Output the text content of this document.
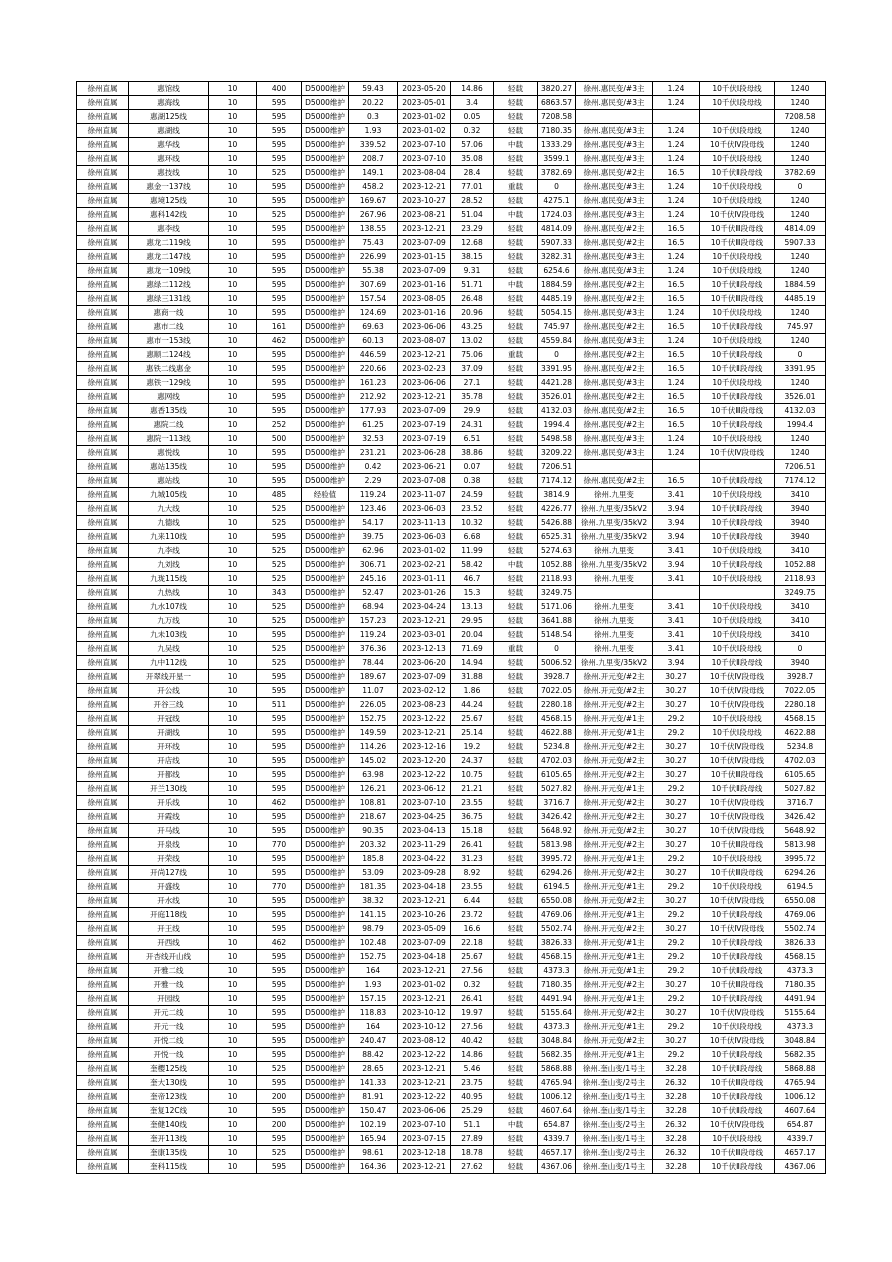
徐州直属	惠馆线	10	400	D5000维护	59.43	2023-05-20	14.86	轻载	3820.27	徐州.惠民变/#3主	1.24	10千伏Ⅰ段母线	1240
徐州直属	惠海线	10	595	D5000维护	20.22	2023-05-01	3.4	轻载	6863.57	徐州.惠民变/#3主	1.24	10千伏Ⅰ段母线	1240
徐州直属	惠湖125线	10	595	D5000维护	0.3	2023-01-02	0.05	轻载	7208.58				7208.58
徐州直属	惠湖线	10	595	D5000维护	1.93	2023-01-02	0.32	轻载	7180.35	徐州.惠民变/#3主	1.24	10千伏Ⅰ段母线	1240
徐州直属	惠华线	10	595	D5000维护	339.52	2023-07-10	57.06	中载	1333.29	徐州.惠民变/#3主	1.24	10千伏Ⅳ段母线	1240
徐州直属	惠环线	10	595	D5000维护	208.7	2023-07-10	35.08	轻载	3599.1	徐州.惠民变/#3主	1.24	10千伏Ⅰ段母线	1240
徐州直属	惠技线	10	525	D5000维护	149.1	2023-08-04	28.4	轻载	3782.69	徐州.惠民变/#2主	16.5	10千伏Ⅱ段母线	3782.69
徐州直属	惠金一137线	10	595	D5000维护	458.2	2023-12-21	77.01	重载	0	徐州.惠民变/#3主	1.24	10千伏Ⅰ段母线	0
徐州直属	惠境125线	10	595	D5000维护	169.67	2023-10-27	28.52	轻载	4275.1	徐州.惠民变/#3主	1.24	10千伏Ⅰ段母线	1240
徐州直属	惠科142线	10	525	D5000维护	267.96	2023-08-21	51.04	中载	1724.03	徐州.惠民变/#3主	1.24	10千伏Ⅳ段母线	1240
徐州直属	惠李线	10	595	D5000维护	138.55	2023-12-21	23.29	轻载	4814.09	徐州.惠民变/#2主	16.5	10千伏Ⅲ段母线	4814.09
徐州直属	惠龙二119线	10	595	D5000维护	75.43	2023-07-09	12.68	轻载	5907.33	徐州.惠民变/#2主	16.5	10千伏Ⅲ段母线	5907.33
徐州直属	惠龙二147线	10	595	D5000维护	226.99	2023-01-15	38.15	轻载	3282.31	徐州.惠民变/#3主	1.24	10千伏Ⅰ段母线	1240
徐州直属	惠龙一109线	10	595	D5000维护	55.38	2023-07-09	9.31	轻载	6254.6	徐州.惠民变/#3主	1.24	10千伏Ⅰ段母线	1240
徐州直属	惠绿二112线	10	595	D5000维护	307.69	2023-01-16	51.71	中载	1884.59	徐州.惠民变/#2主	16.5	10千伏Ⅱ段母线	1884.59
徐州直属	惠绿三131线	10	595	D5000维护	157.54	2023-08-05	26.48	轻载	4485.19	徐州.惠民变/#2主	16.5	10千伏Ⅲ段母线	4485.19
徐州直属	惠商一线	10	595	D5000维护	124.69	2023-01-16	20.96	轻载	5054.15	徐州.惠民变/#3主	1.24	10千伏Ⅰ段母线	1240
徐州直属	惠市二线	10	161	D5000维护	69.63	2023-06-06	43.25	轻载	745.97	徐州.惠民变/#2主	16.5	10千伏Ⅱ段母线	745.97
徐州直属	惠市一153线	10	462	D5000维护	60.13	2023-08-07	13.02	轻载	4559.84	徐州.惠民变/#3主	1.24	10千伏Ⅰ段母线	1240
徐州直属	惠顺二124线	10	595	D5000维护	446.59	2023-12-21	75.06	重载	0	徐州.惠民变/#2主	16.5	10千伏Ⅱ段母线	0
徐州直属	惠铁二线惠金	10	595	D5000维护	220.66	2023-02-23	37.09	轻载	3391.95	徐州.惠民变/#2主	16.5	10千伏Ⅱ段母线	3391.95
徐州直属	惠铁一129线	10	595	D5000维护	161.23	2023-06-06	27.1	轻载	4421.28	徐州.惠民变/#3主	1.24	10千伏Ⅰ段母线	1240
徐州直属	惠网线	10	595	D5000维护	212.92	2023-12-21	35.78	轻载	3526.01	徐州.惠民变/#2主	16.5	10千伏Ⅱ段母线	3526.01
徐州直属	惠香135线	10	595	D5000维护	177.93	2023-07-09	29.9	轻载	4132.03	徐州.惠民变/#2主	16.5	10千伏Ⅲ段母线	4132.03
徐州直属	惠院二线	10	252	D5000维护	61.25	2023-07-19	24.31	轻载	1994.4	徐州.惠民变/#2主	16.5	10千伏Ⅱ段母线	1994.4
徐州直属	惠院一113线	10	500	D5000维护	32.53	2023-07-19	6.51	轻载	5498.58	徐州.惠民变/#3主	1.24	10千伏Ⅰ段母线	1240
徐州直属	惠悦线	10	595	D5000维护	231.21	2023-06-28	38.86	轻载	3209.22	徐州.惠民变/#3主	1.24	10千伏Ⅳ段母线	1240
徐州直属	惠站135线	10	595	D5000维护	0.42	2023-06-21	0.07	轻载	7206.51				7206.51
徐州直属	惠站线	10	595	D5000维护	2.29	2023-07-08	0.38	轻载	7174.12	徐州.惠民变/#2主	16.5	10千伏Ⅱ段母线	7174.12
徐州直属	九城105线	10	485	经验值	119.24	2023-11-07	24.59	轻载	3814.9	徐州.九里变	3.41	10千伏Ⅰ段母线	3410
徐州直属	九大线	10	525	D5000维护	123.46	2023-06-03	23.52	轻载	4226.77	徐州.九里变/35kV2	3.94	10千伏Ⅱ段母线	3940
徐州直属	九德线	10	525	D5000维护	54.17	2023-11-13	10.32	轻载	5426.88	徐州.九里变/35kV2	3.94	10千伏Ⅱ段母线	3940
徐州直属	九来110线	10	595	D5000维护	39.75	2023-06-03	6.68	轻载	6525.31	徐州.九里变/35kV2	3.94	10千伏Ⅱ段母线	3940
徐州直属	九李线	10	525	D5000维护	62.96	2023-01-02	11.99	轻载	5274.63	徐州.九里变	3.41	10千伏Ⅰ段母线	3410
徐州直属	九刘线	10	525	D5000维护	306.71	2023-02-21	58.42	中载	1052.88	徐州.九里变/35kV2	3.94	10千伏Ⅱ段母线	1052.88
徐州直属	九珑115线	10	525	D5000维护	245.16	2023-01-11	46.7	轻载	2118.93	徐州.九里变	3.41	10千伏Ⅰ段母线	2118.93
徐州直属	九热线	10	343	D5000维护	52.47	2023-01-26	15.3	轻载	3249.75				3249.75
徐州直属	九水107线	10	525	D5000维护	68.94	2023-04-24	13.13	轻载	5171.06	徐州.九里变	3.41	10千伏Ⅰ段母线	3410
徐州直属	九万线	10	525	D5000维护	157.23	2023-12-21	29.95	轻载	3641.88	徐州.九里变	3.41	10千伏Ⅰ段母线	3410
徐州直属	九未103线	10	595	D5000维护	119.24	2023-03-01	20.04	轻载	5148.54	徐州.九里变	3.41	10千伏Ⅰ段母线	3410
徐州直属	九吴线	10	525	D5000维护	376.36	2023-12-13	71.69	重载	0	徐州.九里变	3.41	10千伏Ⅰ段母线	0
徐州直属	九中112线	10	525	D5000维护	78.44	2023-06-20	14.94	轻载	5006.52	徐州.九里变/35kV2	3.94	10千伏Ⅱ段母线	3940
徐州直属	开翠线开星一	10	595	D5000维护	189.67	2023-07-09	31.88	轻载	3928.7	徐州.开元变/#2主	30.27	10千伏Ⅳ段母线	3928.7
徐州直属	开公线	10	595	D5000维护	11.07	2023-02-12	1.86	轻载	7022.05	徐州.开元变/#2主	30.27	10千伏Ⅳ段母线	7022.05
徐州直属	开谷三线	10	511	D5000维护	226.05	2023-08-23	44.24	轻载	2280.18	徐州.开元变/#2主	30.27	10千伏Ⅳ段母线	2280.18
徐州直属	开冠线	10	595	D5000维护	152.75	2023-12-22	25.67	轻载	4568.15	徐州.开元变/#1主	29.2	10千伏Ⅰ段母线	4568.15
徐州直属	开湖线	10	595	D5000维护	149.59	2023-12-21	25.14	轻载	4622.88	徐州.开元变/#1主	29.2	10千伏Ⅰ段母线	4622.88
徐州直属	开环线	10	595	D5000维护	114.26	2023-12-16	19.2	轻载	5234.8	徐州.开元变/#2主	30.27	10千伏Ⅳ段母线	5234.8
徐州直属	开店线	10	595	D5000维护	145.02	2023-12-20	24.37	轻载	4702.03	徐州.开元变/#2主	30.27	10千伏Ⅳ段母线	4702.03
徐州直属	开都线	10	595	D5000维护	63.98	2023-12-22	10.75	轻载	6105.65	徐州.开元变/#2主	30.27	10千伏Ⅲ段母线	6105.65
徐州直属	开兰130线	10	595	D5000维护	126.21	2023-06-12	21.21	轻载	5027.82	徐州.开元变/#1主	29.2	10千伏Ⅱ段母线	5027.82
徐州直属	开乐线	10	462	D5000维护	108.81	2023-07-10	23.55	轻载	3716.7	徐州.开元变/#2主	30.27	10千伏Ⅳ段母线	3716.7
徐州直属	开霞线	10	595	D5000维护	218.67	2023-04-25	36.75	轻载	3426.42	徐州.开元变/#2主	30.27	10千伏Ⅳ段母线	3426.42
徐州直属	开马线	10	595	D5000维护	90.35	2023-04-13	15.18	轻载	5648.92	徐州.开元变/#2主	30.27	10千伏Ⅳ段母线	5648.92
徐州直属	开泉线	10	770	D5000维护	203.32	2023-11-29	26.41	轻载	5813.98	徐州.开元变/#2主	30.27	10千伏Ⅲ段母线	5813.98
徐州直属	开荣线	10	595	D5000维护	185.8	2023-04-22	31.23	轻载	3995.72	徐州.开元变/#1主	29.2	10千伏Ⅰ段母线	3995.72
徐州直属	开尚127线	10	595	D5000维护	53.09	2023-09-28	8.92	轻载	6294.26	徐州.开元变/#2主	30.27	10千伏Ⅲ段母线	6294.26
徐州直属	开盛线	10	770	D5000维护	181.35	2023-04-18	23.55	轻载	6194.5	徐州.开元变/#1主	29.2	10千伏Ⅰ段母线	6194.5
徐州直属	开水线	10	595	D5000维护	38.32	2023-12-21	6.44	轻载	6550.08	徐州.开元变/#2主	30.27	10千伏Ⅳ段母线	6550.08
徐州直属	开庭118线	10	595	D5000维护	141.15	2023-10-26	23.72	轻载	4769.06	徐州.开元变/#1主	29.2	10千伏Ⅱ段母线	4769.06
徐州直属	开王线	10	595	D5000维护	98.79	2023-05-09	16.6	轻载	5502.74	徐州.开元变/#2主	30.27	10千伏Ⅳ段母线	5502.74
徐州直属	开西线	10	462	D5000维护	102.48	2023-07-09	22.18	轻载	3826.33	徐州.开元变/#1主	29.2	10千伏Ⅱ段母线	3826.33
徐州直属	开杏线开山线	10	595	D5000维护	152.75	2023-04-18	25.67	轻载	4568.15	徐州.开元变/#1主	29.2	10千伏Ⅱ段母线	4568.15
徐州直属	开雅二线	10	595	D5000维护	164	2023-12-21	27.56	轻载	4373.3	徐州.开元变/#1主	29.2	10千伏Ⅱ段母线	4373.3
徐州直属	开雅一线	10	595	D5000维护	1.93	2023-01-02	0.32	轻载	7180.35	徐州.开元变/#2主	30.27	10千伏Ⅲ段母线	7180.35
徐州直属	开园线	10	595	D5000维护	157.15	2023-12-21	26.41	轻载	4491.94	徐州.开元变/#1主	29.2	10千伏Ⅱ段母线	4491.94
徐州直属	开元二线	10	595	D5000维护	118.83	2023-10-12	19.97	轻载	5155.64	徐州.开元变/#2主	30.27	10千伏Ⅳ段母线	5155.64
徐州直属	开元一线	10	595	D5000维护	164	2023-10-12	27.56	轻载	4373.3	徐州.开元变/#1主	29.2	10千伏Ⅰ段母线	4373.3
徐州直属	开悦二线	10	595	D5000维护	240.47	2023-08-12	40.42	轻载	3048.84	徐州.开元变/#2主	30.27	10千伏Ⅳ段母线	3048.84
徐州直属	开悦一线	10	595	D5000维护	88.42	2023-12-22	14.86	轻载	5682.35	徐州.开元变/#1主	29.2	10千伏Ⅱ段母线	5682.35
徐州直属	奎樱125线	10	525	D5000维护	28.65	2023-12-21	5.46	轻载	5868.88	徐州.奎山变/1号主	32.28	10千伏Ⅱ段母线	5868.88
徐州直属	奎大130线	10	595	D5000维护	141.33	2023-12-21	23.75	轻载	4765.94	徐州.奎山变/2号主	26.32	10千伏Ⅲ段母线	4765.94
徐州直属	奎帝123线	10	200	D5000维护	81.91	2023-12-22	40.95	轻载	1006.12	徐州.奎山变/1号主	32.28	10千伏Ⅱ段母线	1006.12
徐州直属	奎复12C线	10	595	D5000维护	150.47	2023-06-06	25.29	轻载	4607.64	徐州.奎山变/1号主	32.28	10千伏Ⅱ段母线	4607.64
徐州直属	奎健140线	10	200	D5000维护	102.19	2023-07-10	51.1	中载	654.87	徐州.奎山变/2号主	26.32	10千伏Ⅳ段母线	654.87
徐州直属	奎开113线	10	595	D5000维护	165.94	2023-07-15	27.89	轻载	4339.7	徐州.奎山变/1号主	32.28	10千伏Ⅰ段母线	4339.7
徐州直属	奎康135线	10	525	D5000维护	98.61	2023-12-18	18.78	轻载	4657.17	徐州.奎山变/2号主	26.32	10千伏Ⅲ段母线	4657.17
徐州直属	奎科115线	10	595	D5000维护	164.36	2023-12-21	27.62	轻载	4367.06	徐州.奎山变/1号主	32.28	10千伏Ⅱ段母线	4367.06
